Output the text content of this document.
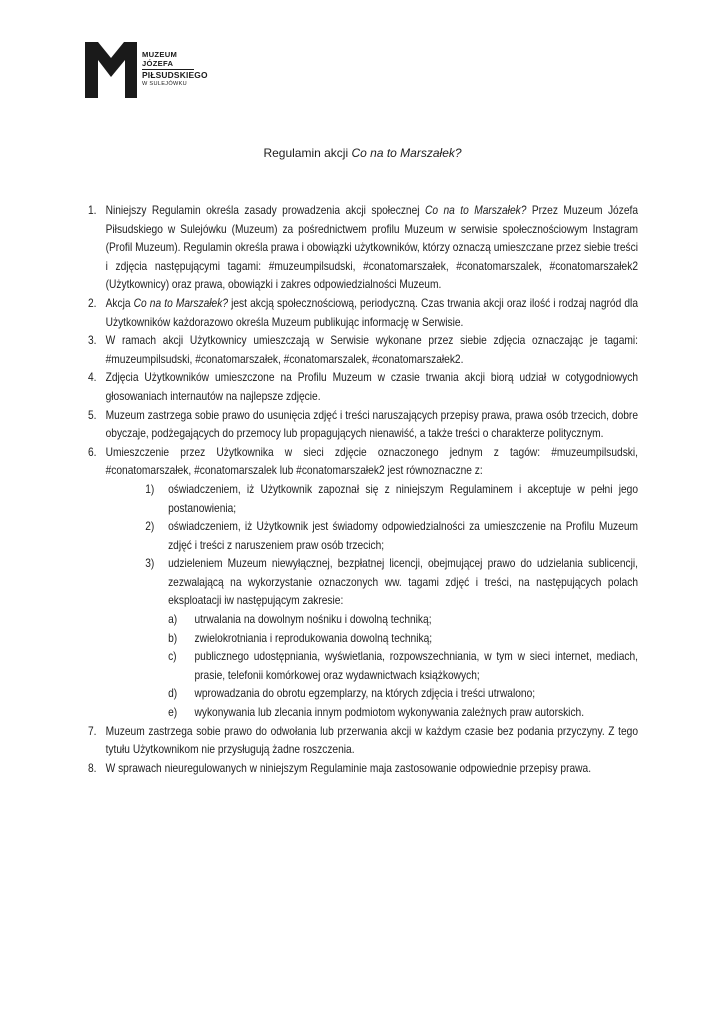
MUZEUM
JÓZEFA
PIŁSUDSKIEGO
W SULEJÓWKU
Regulamin akcji Co na to Marszałek?
1. Niniejszy Regulamin określa zasady prowadzenia akcji społecznej Co na to Marszałek? Przez Muzeum Józefa Piłsudskiego w Sulejówku (Muzeum) za pośrednictwem profilu Muzeum w serwisie społecznościowym Instagram (Profil Muzeum). Regulamin określa prawa i obowiązki użytkowników, którzy oznaczą umieszczane przez siebie treści i zdjęcia następującymi tagami: #muzeumpilsudski, #conatomarszałek, #conatomarszalek, #conatomarszałek2 (Użytkownicy) oraz prawa, obowiązki i zakres odpowiedzialności Muzeum.
2. Akcja Co na to Marszałek? jest akcją społecznościową, periodyczną. Czas trwania akcji oraz ilość i rodzaj nagród dla Użytkowników każdorazowo określa Muzeum publikując informację w Serwisie.
3. W ramach akcji Użytkownicy umieszczają w Serwisie wykonane przez siebie zdjęcia oznaczając je tagami: #muzeumpilsudski, #conatomarszałek, #conatomarszalek, #conatomarszałek2.
4. Zdjęcia Użytkowników umieszczone na Profilu Muzeum w czasie trwania akcji biorą udział w cotygodniowych głosowaniach internautów na najlepsze zdjęcie.
5. Muzeum zastrzega sobie prawo do usunięcia zdjęć i treści naruszających przepisy prawa, prawa osób trzecich, dobre obyczaje, podżegających do przemocy lub propagujących nienawiść, a także treści o charakterze politycznym.
6. Umieszczenie przez Użytkownika w sieci zdjęcie oznaczonego jednym z tagów: #muzeumpilsudski, #conatomarszałek, #conatomarszalek lub #conatomarszałek2 jest równoznaczne z:
1) oświadczeniem, iż Użytkownik zapoznał się z niniejszym Regulaminem i akceptuje w pełni jego postanowienia;
2) oświadczeniem, iż Użytkownik jest świadomy odpowiedzialności za umieszczenie na Profilu Muzeum zdjęć i treści z naruszeniem praw osób trzecich;
3) udzieleniem Muzeum niewyłącznej, bezpłatnej licencji, obejmującej prawo do udzielania sublicencji, zezwalającą na wykorzystanie oznaczonych ww. tagami zdjęć i treści, na następujących polach eksploatacji iw następującym zakresie:
a) utrwalania na dowolnym nośniku i dowolną techniką;
b) zwielokrotniania i reprodukowania dowolną techniką;
c) publicznego udostępniania, wyświetlania, rozpowszechniania, w tym w sieci internet, mediach, prasie, telefonii komórkowej oraz wydawnictwach książkowych;
d) wprowadzania do obrotu egzemplarzy, na których zdjęcia i treści utrwalono;
e) wykonywania lub zlecania innym podmiotom wykonywania zależnych praw autorskich.
7. Muzeum zastrzega sobie prawo do odwołania lub przerwania akcji w każdym czasie bez podania przyczyny. Z tego tytułu Użytkownikom nie przysługują żadne roszczenia.
8. W sprawach nieuregulowanych w niniejszym Regulaminie maja zastosowanie odpowiednie przepisy prawa.
